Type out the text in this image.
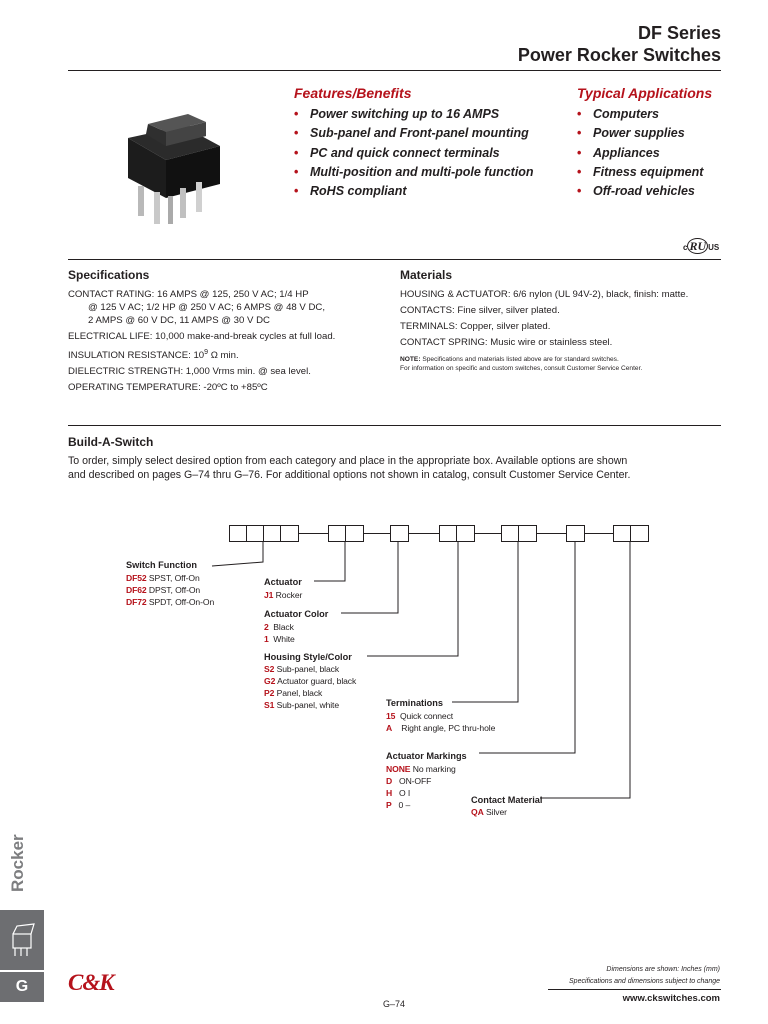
DF Series
Power Rocker Switches
Features/Benefits
• Power switching up to 16 AMPS
• Sub-panel and Front-panel mounting
• PC and quick connect terminals
• Multi-position and multi-pole function
• RoHS compliant
Typical Applications
• Computers
• Power supplies
• Appliances
• Fitness equipment
• Off-road vehicles
c RU US
Specifications

CONTACT RATING: 16 AMPS @ 125, 250 V AC; 1/4 HP

@ 125 V AC; 1/2 HP @ 250 V AC; 6 AMPS @ 48 V DC,

2 AMPS @ 60 V DC, 11 AMPS @ 30 V DC

ELECTRICAL LIFE: 10,000 make-and-break cycles at full load.

INSULATION RESISTANCE: $10^9$ Ω min.

DIELECTRIC STRENGTH: 1,000 Vrms min. @ sea level.

OPERATING TEMPERATURE: -20ºC to +85ºC

Materials

HOUSING & ACTUATOR: 6/6 nylon (UL 94V-2), black, finish: matte.

CONTACTS: Fine silver, silver plated.

TERMINALS: Copper, silver plated.

CONTACT SPRING: Music wire or stainless steel.

NOTE: Specifications and materials listed above are for standard switches.
For information on specific and custom switches, consult Customer Service Center.
Build-A-Switch
To order, simply select desired option from each category and place in the appropriate box. Available options are shown
and described on pages G–74 thru G–76. For additional options not shown in catalog, consult Customer Service Center.
Switch Function
DF52 SPST, Off-On
DF62 DPST, Off-On
DF72 SPDT, Off-On-On
Actuator
J1 Rocker
Actuator Color
2 Black
1 White
Housing Style/Color
S2 Sub-panel, black
G2 Actuator guard, black
P2 Panel, black
S1 Sub-panel, white	Terminations
15 Quick connect
A Right angle, PC thru-hole
Actuator Markings
NONE No marking
D ON-OFF
H O I
P 0 –	Contact Material
QA Silver
Rocker
G	C&K
Dimensions are shown: Inches (mm)
Specifications and dimensions subject to change
G–74	www.ckswitches.com
